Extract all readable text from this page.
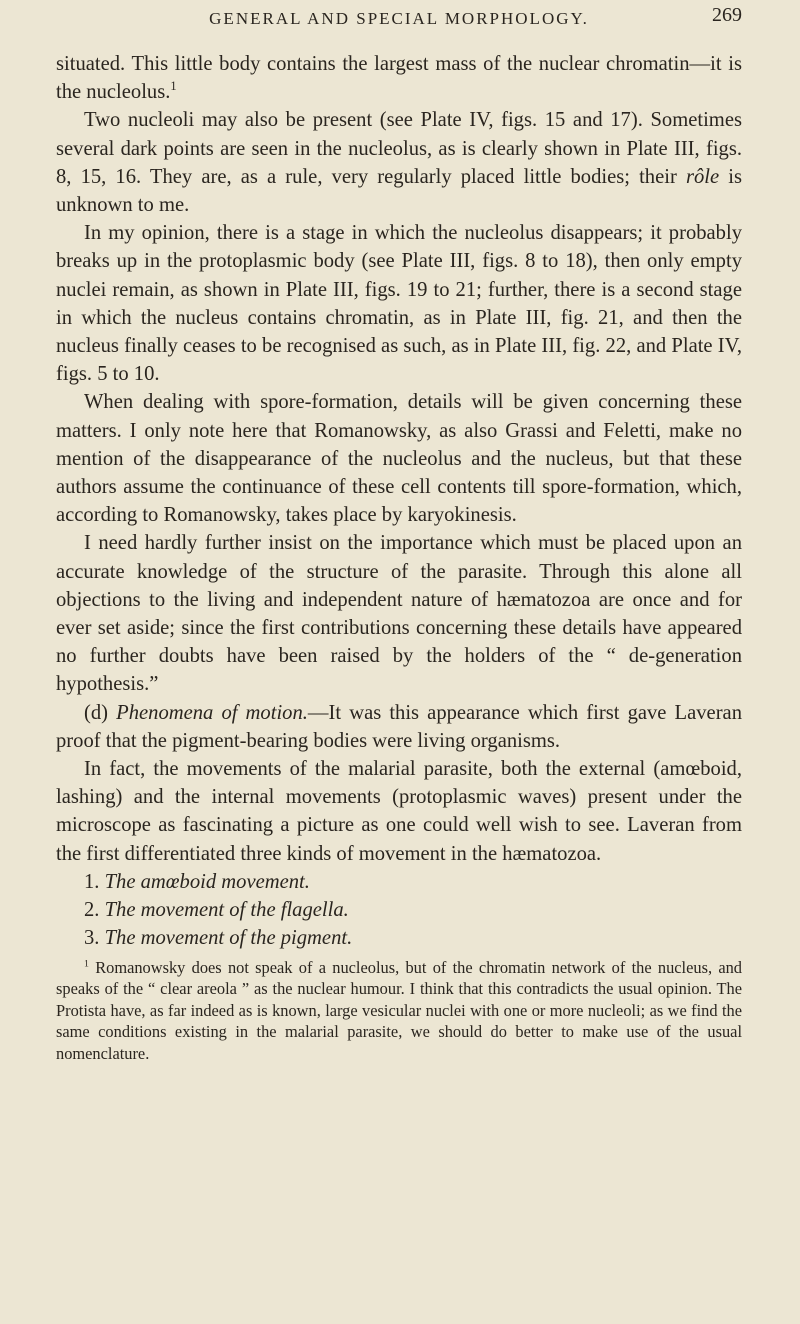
GENERAL AND SPECIAL MORPHOLOGY.	269

situated. This little body contains the largest mass of the nuclear chromatin—it is the nucleolus.$^1$

Two nucleoli may also be present (see Plate IV, figs. 15 and 17). Sometimes several dark points are seen in the nucleolus, as is clearly shown in Plate III, figs. 8, 15, 16. They are, as a rule, very regularly placed little bodies; their rôle is unknown to me.

In my opinion, there is a stage in which the nucleolus disappears; it probably breaks up in the protoplasmic body (see Plate III, figs. 8 to 18), then only empty nuclei remain, as shown in Plate III, figs. 19 to 21; further, there is a second stage in which the nucleus contains chromatin, as in Plate III, fig. 21, and then the nucleus finally ceases to be recognised as such, as in Plate III, fig. 22, and Plate IV, figs. 5 to 10.

When dealing with spore-formation, details will be given concerning these matters. I only note here that Romanowsky, as also Grassi and Feletti, make no mention of the disappearance of the nucleolus and the nucleus, but that these authors assume the continuance of these cell contents till spore-formation, which, according to Romanowsky, takes place by karyokinesis.

I need hardly further insist on the importance which must be placed upon an accurate knowledge of the structure of the parasite. Through this alone all objections to the living and independent nature of hæmatozoa are once and for ever set aside; since the first contributions concerning these details have appeared no further doubts have been raised by the holders of the “ de-generation hypothesis.”

(d) Phenomena of motion.—It was this appearance which first gave Laveran proof that the pigment-bearing bodies were living organisms.

In fact, the movements of the malarial parasite, both the external (amœboid, lashing) and the internal movements (protoplasmic waves) present under the microscope as fascinating a picture as one could well wish to see. Laveran from the first differentiated three kinds of movement in the hæmatozoa.

1. The amœboid movement.

2. The movement of the flagella.

3. The movement of the pigment.

$^1$ Romanowsky does not speak of a nucleolus, but of the chromatin network of the nucleus, and speaks of the “ clear areola ” as the nuclear humour. I think that this contradicts the usual opinion. The Protista have, as far indeed as is known, large vesicular nuclei with one or more nucleoli; as we find the same conditions existing in the malarial parasite, we should do better to make use of the usual nomenclature.
